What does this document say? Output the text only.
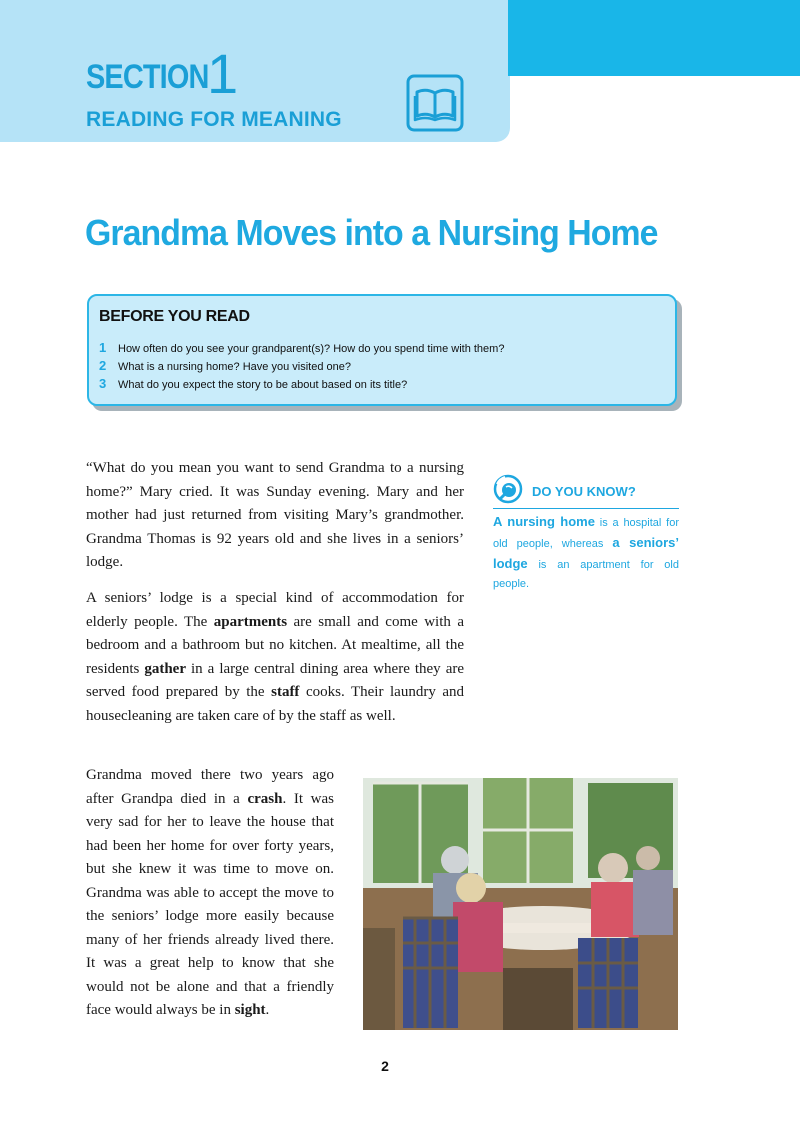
SECTION
1
READING FOR MEANING
Grandma Moves into a Nursing Home
BEFORE YOU READ
1 How often do you see your grandparent(s)? How do you spend time with them?
2 What is a nursing home? Have you visited one?
3 What do you expect the story to be about based on its title?

“What do you mean you want to send Grandma to a nursing home?” Mary cried. It was Sunday evening. Mary and her mother had just returned from visiting Mary’s grandmother. Grandma Thomas is 92 years old and she lives in a seniors’ lodge.

A seniors’ lodge is a special kind of accommodation for elderly people. The apartments are small and come with a bedroom and a bathroom but no kitchen. At mealtime, all the residents gather in a large central dining area where they are served food prepared by the staff cooks. Their laundry and housecleaning are taken care of by the staff as well.

Grandma moved there two years ago after Grandpa died in a crash. It was very sad for her to leave the house that had been her home for over forty years, but she knew it was time to move on. Grandma was able to accept the move to the seniors’ lodge more easily because many of her friends already lived there. It was a great help to know that she would not be alone and that a friendly face would always be in sight.

DO YOU KNOW?

A nursing home is a hospital for old people, whereas a seniors’ lodge is an apartment for old people.

2
